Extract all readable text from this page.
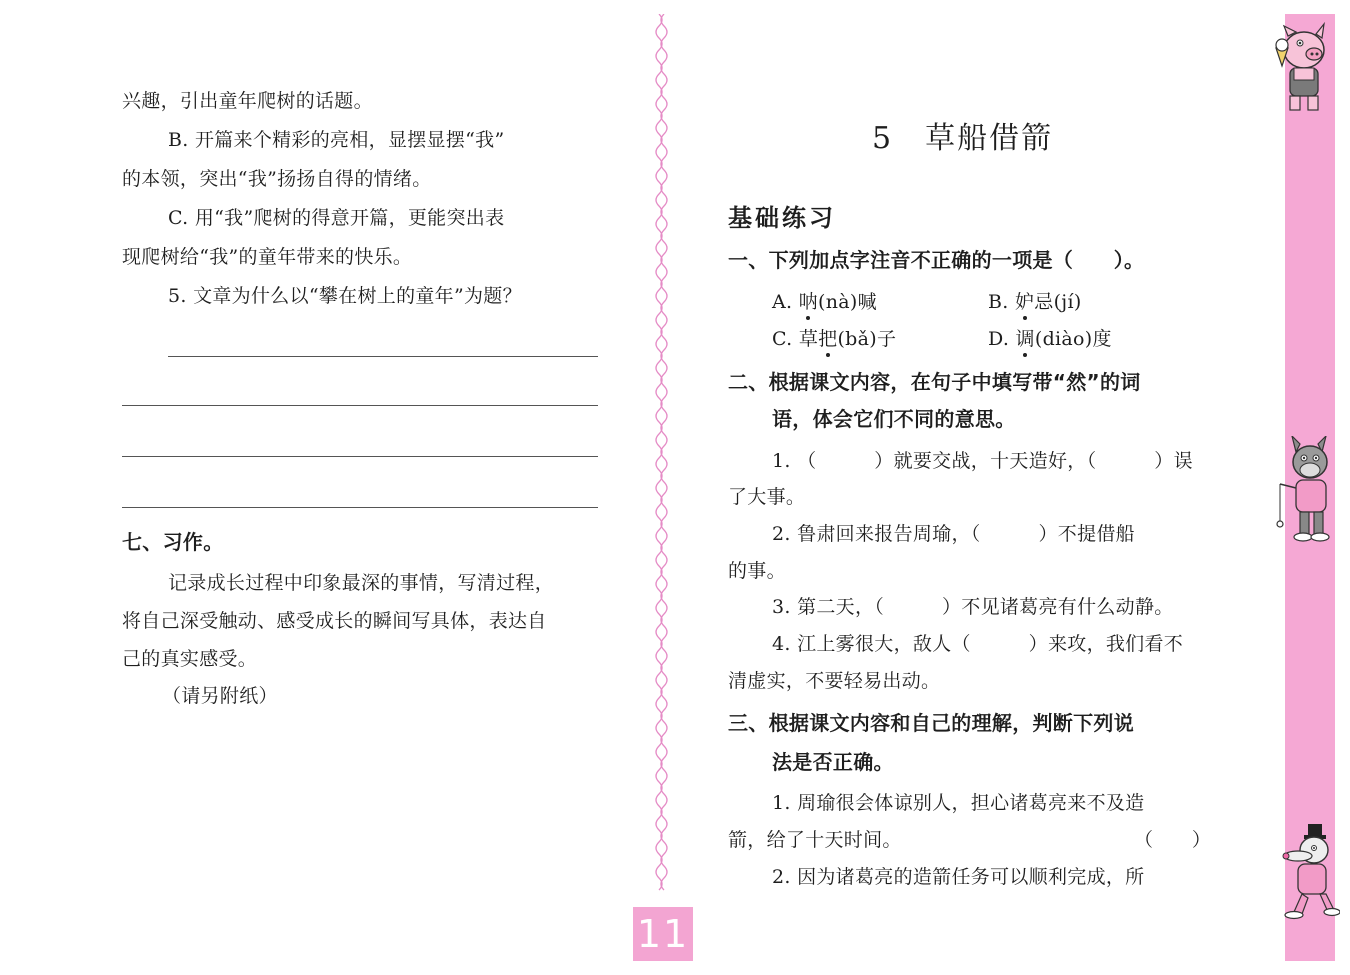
兴趣，引出童年爬树的话题。
B. 开篇来个精彩的亮相，显摆显摆“我”
的本领，突出“我”扬扬自得的情绪。
C. 用“我”爬树的得意开篇，更能突出表
现爬树给“我”的童年带来的快乐。
5. 文章为什么以“攀在树上的童年”为题？
七、习作。
记录成长过程中印象最深的事情，写清过程，
将自己深受触动、感受成长的瞬间写具体，表达自
己的真实感受。
（请另附纸）
5　草船借箭
基础练习
一、下列加点字注音不正确的一项是（　　）。
A. 呐(nà)喊	B. 妒忌(jí)
C. 草把(bǎ)子	D. 调(diào)度
二、根据课文内容，在句子中填写带“然”的词
语，体会它们不同的意思。
1. （　　　）就要交战，十天造好，（　　　）误
了大事。
2. 鲁肃回来报告周瑜，（　　　）不提借船
的事。
3. 第二天，（　　　）不见诸葛亮有什么动静。
4. 江上雾很大，敌人（　　　）来攻，我们看不
清虚实，不要轻易出动。
三、根据课文内容和自己的理解，判断下列说
法是否正确。
1. 周瑜很会体谅别人，担心诸葛亮来不及造
箭，给了十天时间。	（　　）
2. 因为诸葛亮的造箭任务可以顺利完成，所
11
